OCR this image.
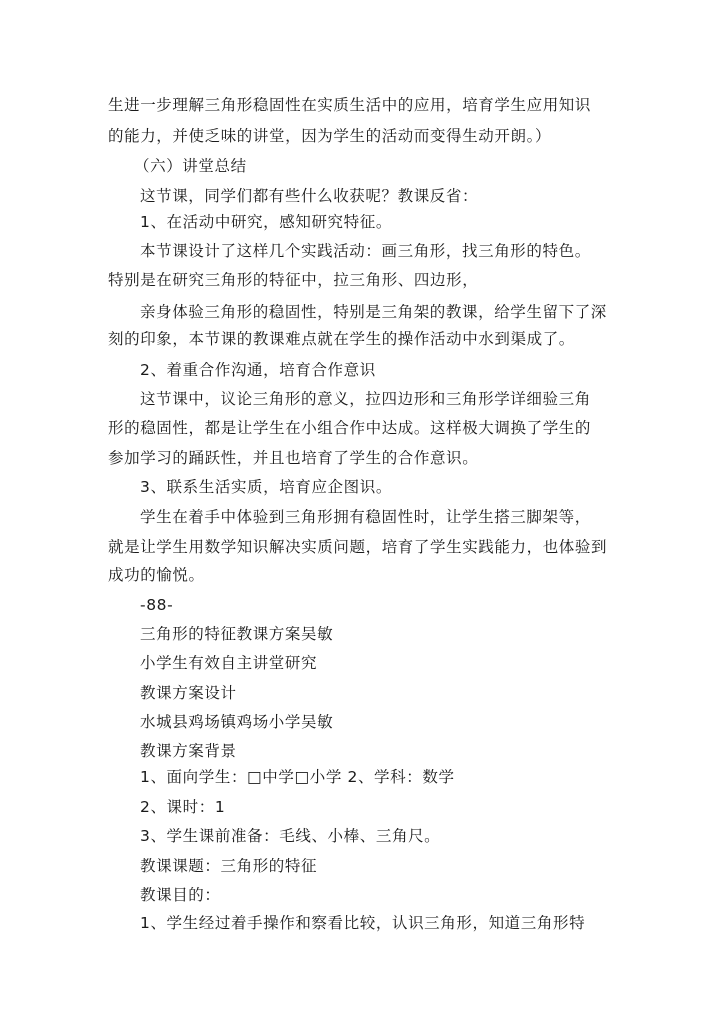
生进一步理解三角形稳固性在实质生活中的应用，培育学生应用知识
的能力，并使乏味的讲堂，因为学生的活动而变得生动开朗。）
（六）讲堂总结
这节课，同学们都有些什么收获呢？教课反省：
1、在活动中研究，感知研究特征。
本节课设计了这样几个实践活动：画三角形，找三角形的特色。
特别是在研究三角形的特征中，拉三角形、四边形，
亲身体验三角形的稳固性，特别是三角架的教课，给学生留下了深
刻的印象，本节课的教课难点就在学生的操作活动中水到渠成了。
2、着重合作沟通，培育合作意识
这节课中，议论三角形的意义，拉四边形和三角形学详细验三角
形的稳固性，都是让学生在小组合作中达成。这样极大调换了学生的
参加学习的踊跃性，并且也培育了学生的合作意识。
3、联系生活实质，培育应企图识。
学生在着手中体验到三角形拥有稳固性时，让学生搭三脚架等，
就是让学生用数学知识解决实质问题，培育了学生实践能力，也体验到
成功的愉悦。
-88-
三角形的特征教课方案吴敏
小学生有效自主讲堂研究
教课方案设计
水城县鸡场镇鸡场小学吴敏
教课方案背景
1、面向学生：□中学□小学 2、学科：数学
2、课时：1
3、学生课前准备：毛线、小棒、三角尺。
教课课题：三角形的特征
教课目的：
1、学生经过着手操作和察看比较，认识三角形，知道三角形特
